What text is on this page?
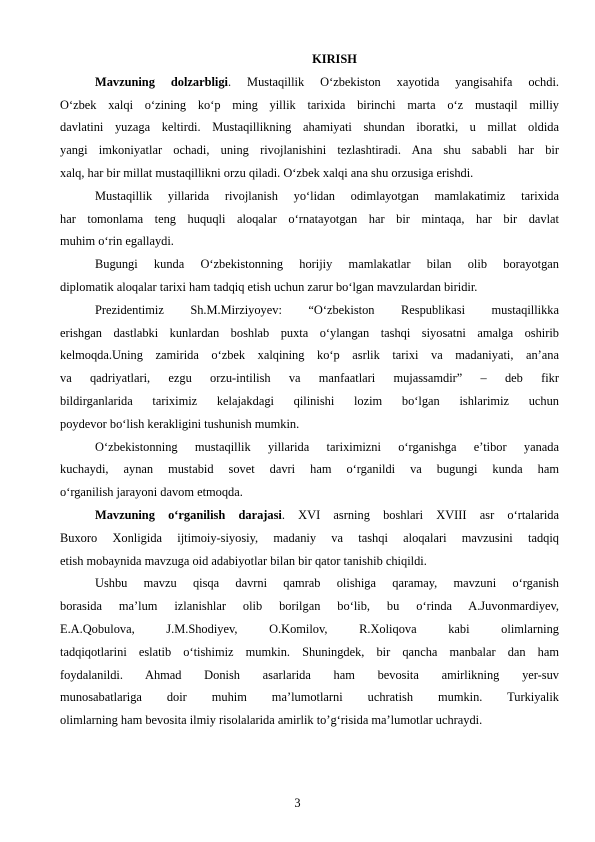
KIRISH
Mavzuning dolzarbligi. Mustaqillik O‘zbekiston xayotida yangisahifa ochdi.
O‘zbek xalqi o‘zining ko‘p ming yillik tarixida birinchi marta o‘z mustaqil milliy
davlatini yuzaga keltirdi. Mustaqillikning ahamiyati shundan iboratki, u millat oldida
yangi imkoniyatlar ochadi, uning rivojlanishini tezlashtiradi. Ana shu sababli har bir
xalq, har bir millat mustaqillikni orzu qiladi. O‘zbek xalqi ana shu orzusiga erishdi.
Mustaqillik yillarida rivojlanish yo‘lidan odimlayotgan mamlakatimiz tarixida
har tomonlama teng huquqli aloqalar o‘rnatayotgan har bir mintaqa, har bir davlat
muhim o‘rin egallaydi.
Bugungi kunda O‘zbekistonning horijiy mamlakatlar bilan olib borayotgan
diplomatik aloqalar tarixi ham tadqiq etish uchun zarur bo‘lgan mavzulardan biridir.
Prezidentimiz Sh.M.Mirziyoyev: “O‘zbekiston Respublikasi mustaqillikka
erishgan dastlabki kunlardan boshlab puxta o‘ylangan tashqi siyosatni amalga oshirib
kelmoqda.Uning zamirida o‘zbek xalqining ko‘p asrlik tarixi va madaniyati, an’ana
va qadriyatlari, ezgu orzu-intilish va manfaatlari mujassamdir” – deb fikr
bildirganlarida tariximiz kelajakdagi qilinishi lozim bo‘lgan ishlarimiz uchun
poydevor bo‘lish kerakligini tushunish mumkin.
O‘zbekistonning mustaqillik yillarida tariximizni o‘rganishga e’tibor yanada
kuchaydi, aynan mustabid sovet davri ham o‘rganildi va bugungi kunda ham
o‘rganilish jarayoni davom etmoqda.
Mavzuning o‘rganilish darajasi. XVI asrning boshlari XVIII asr o‘rtalarida
Buxoro Xonligida ijtimoiy-siyosiy, madaniy va tashqi aloqalari mavzusini tadqiq
etish mobaynida mavzuga oid adabiyotlar bilan bir qator tanishib chiqildi.
Ushbu mavzu qisqa davrni qamrab olishiga qaramay, mavzuni o‘rganish
borasida ma’lum izlanishlar olib borilgan bo‘lib, bu o‘rinda A.Juvonmardiyev,
E.A.Qobulova, J.M.Shodiyev, O.Komilov, R.Xoliqova kabi olimlarning
tadqiqotlarini eslatib o‘tishimiz mumkin. Shuningdek, bir qancha manbalar dan ham
foydalanildi. Ahmad Donish asarlarida ham bevosita amirlikning yer-suv
munosabatlariga doir muhim ma’lumotlarni uchratish mumkin. Turkiyalik
olimlarning ham bevosita ilmiy risolalarida amirlik to’g‘risida ma’lumotlar uchraydi.
3
